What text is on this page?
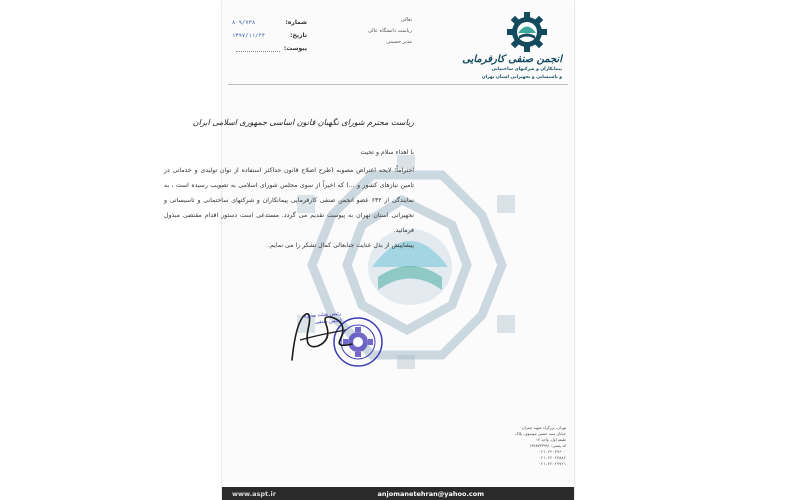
انجمن صنفی کارفرمایی
پیمانکاران و شرکتهای ساختمانی
و تاسیساتی و تجهیزاتی استان تهران
شماره:
۸۰۹/۷۳۸
تاریخ:
۱۳۹۷/۱۱/۲۴
پیوست:
تعالی
ریاست دانشگاه عالی
مدیر حسینی
ریاست محترم شورای نگهبان قانون اساسی جمهوری اسلامی ایران

با اهداء سلام و تحیت

احتراماً؛ لایحه اعتراض مصوبه (طرح اصلاح قانون حداکثر استفاده از توان تولیدی و خدماتی در تامین نیازهای کشور و ...) که اخیراً از سوی مجلس شورای اسلامی به تصویب رسیده است ، به نمایندگی از ۶۴۲ عضو انجمن صنفی کارفرمایی پیمانکاران و شرکتهای ساختمانی و تاسیساتی و تجهیزاتی استان تهران به پیوست تقدیم می گردد. مستدعی است دستور اقدام مقتضی مبذول فرمائید.

پیشاپیش از بذل عنایت جنابعالی کمال تشکر را می نمایم.

رئیس هیئت مدیره
انجمن صنفی
تهران، بزرگراه شهید چمران
خیابان سید حسین موسوی، پلاک
طبقه اول، واحد ۱۲
کد پستی: ۱۹۹۸۷۳۳۹۹۱
۰۲۱-۲۲۰۳۹۶۰۰
۰۲۱-۲۲۰۲۴۵۸۴
۰۲۱-۲۲۰۲۹۷۲۱
www.aspt.ir	anjomanetehran@yahoo.com
